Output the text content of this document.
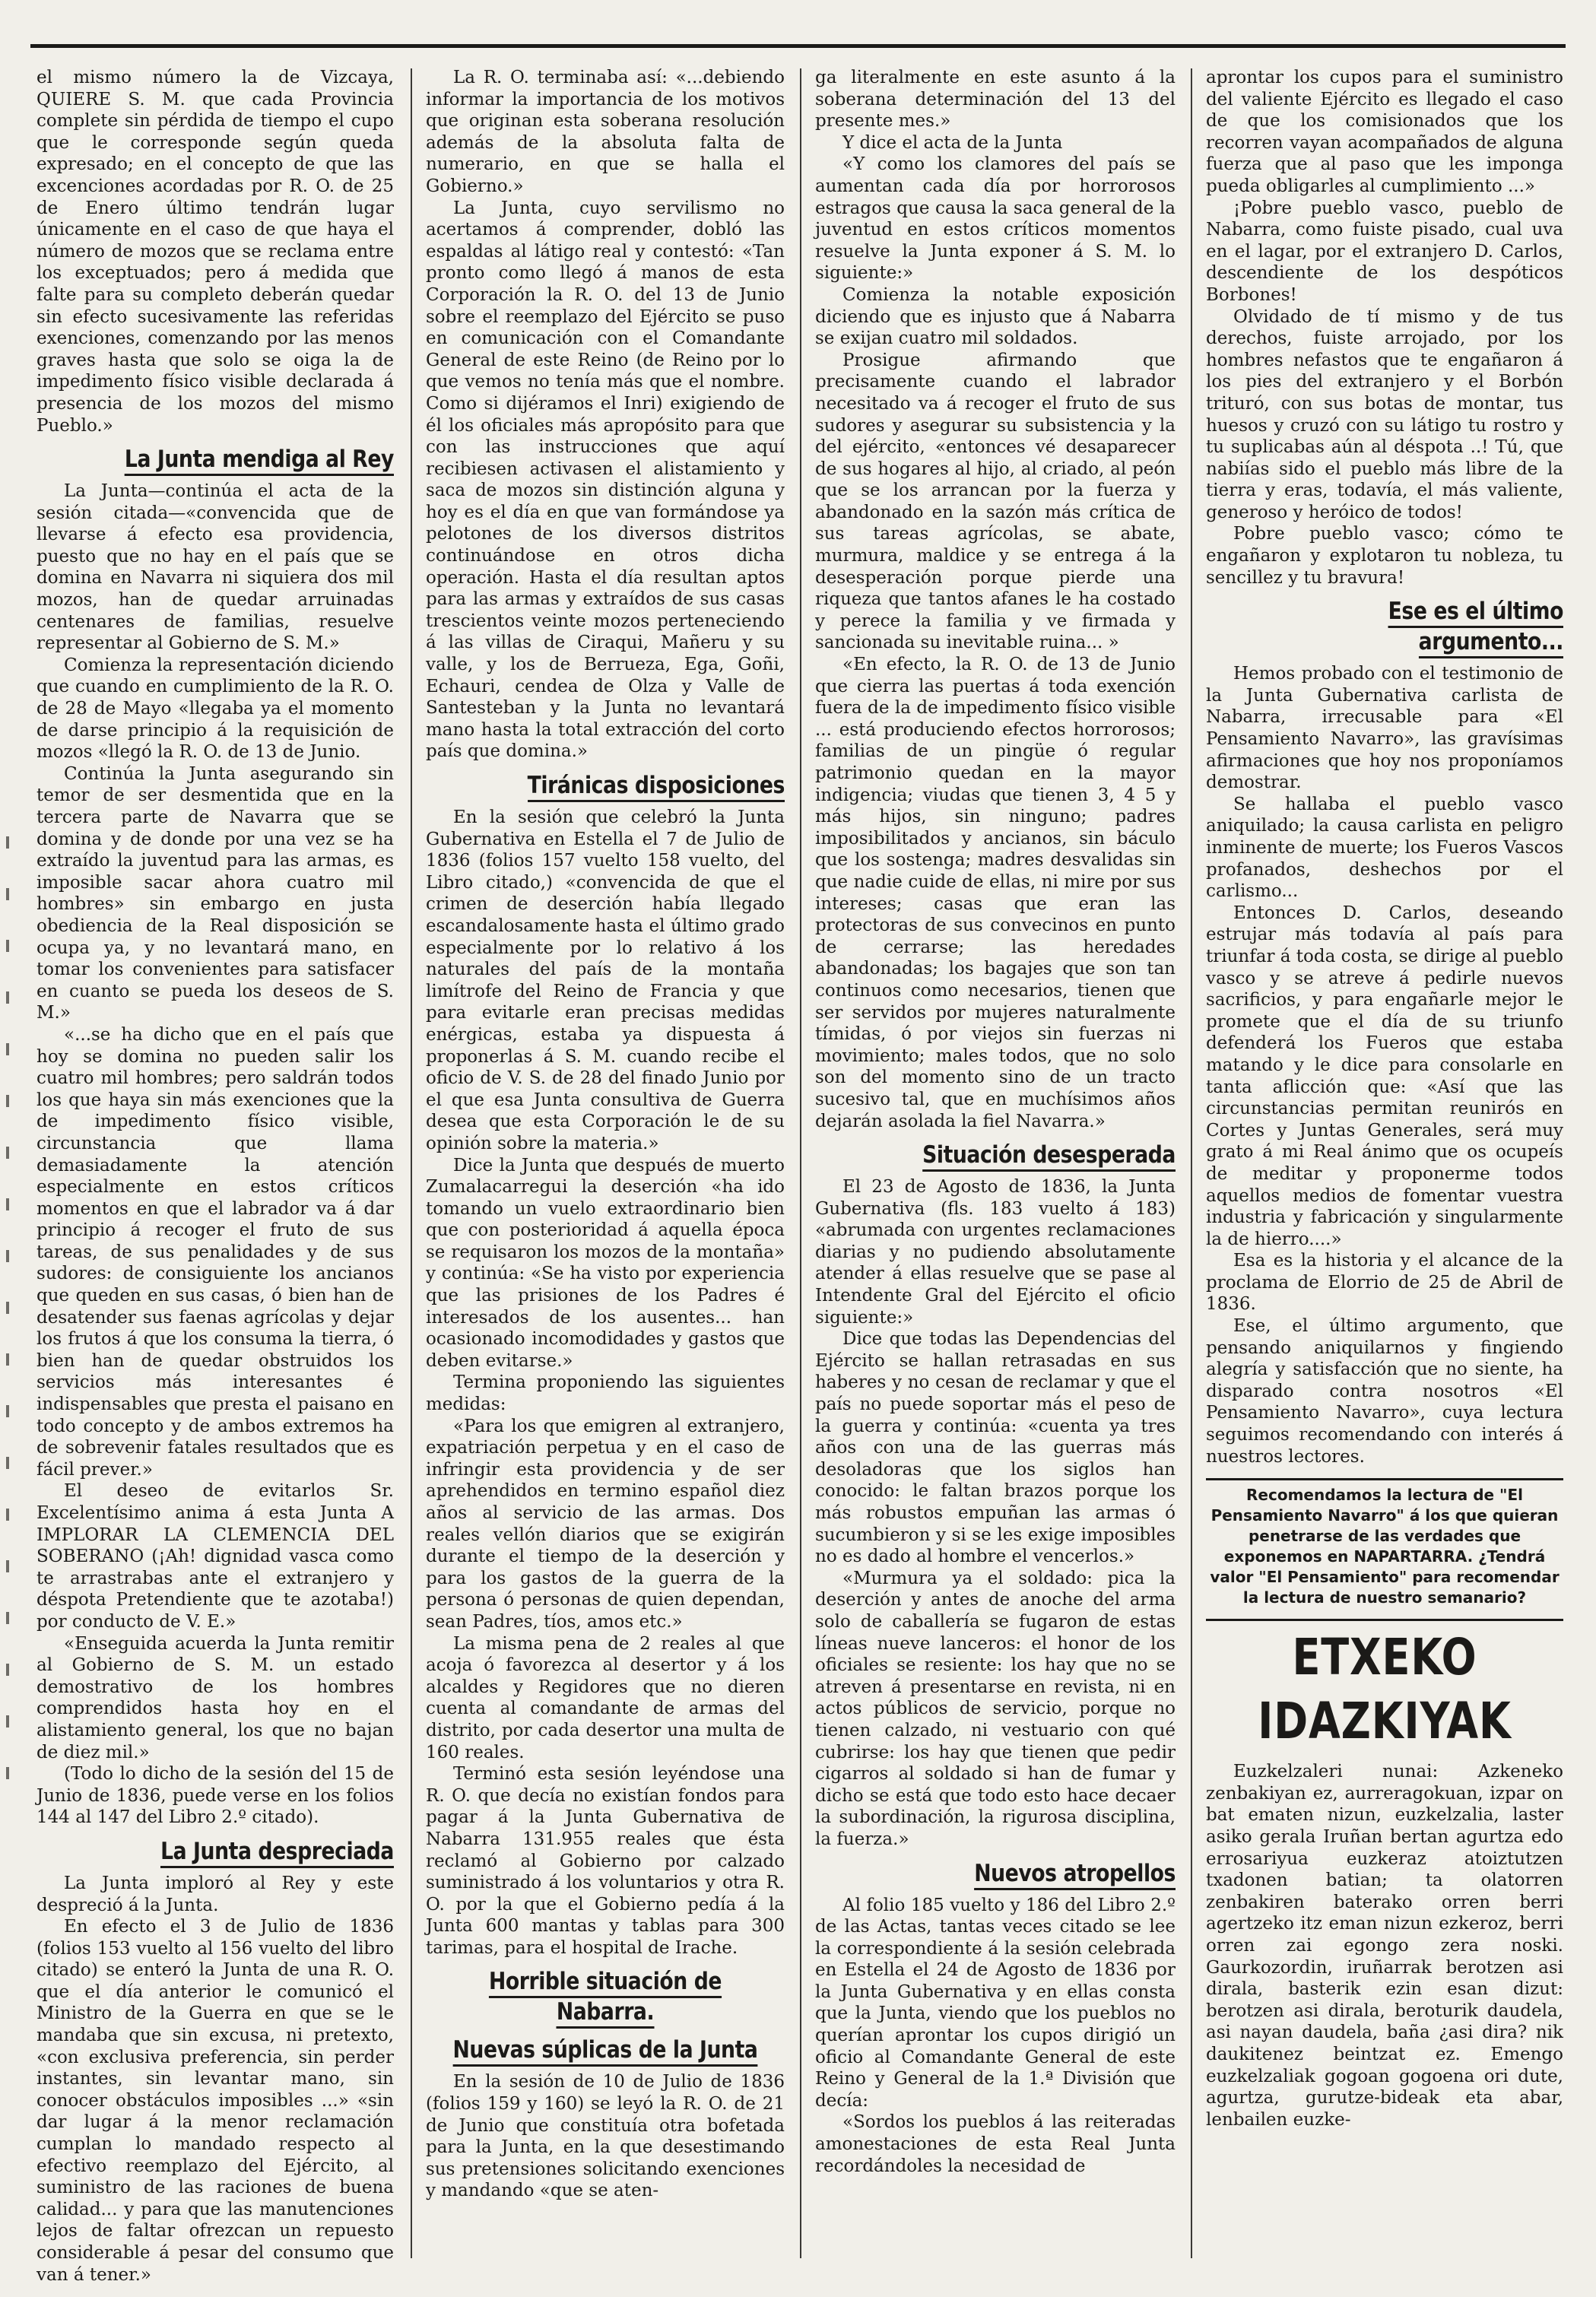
el mismo número la de Vizcaya, QUIERE S. M. que cada Provincia complete sin pérdida de tiempo el cupo que le corresponde según queda expresado; en el concepto de que las excenciones acordadas por R. O. de 25 de Enero último tendrán lugar únicamente en el caso de que haya el número de mozos que se reclama entre los exceptuados; pero á medida que falte para su completo deberán quedar sin efecto sucesivamente las referidas exenciones, comenzando por las menos graves hasta que solo se oiga la de impedimento físico visible declarada á presencia de los mozos del mismo Pueblo.»

La Junta mendiga al Rey

La Junta—continúa el acta de la sesión citada—«convencida que de llevarse á efecto esa providencia, puesto que no hay en el país que se domina en Navarra ni siquiera dos mil mozos, han de quedar arruinadas centenares de familias, resuelve representar al Gobierno de S. M.»

Comienza la representación diciendo que cuando en cumplimiento de la R. O. de 28 de Mayo «llegaba ya el momento de darse principio á la requisición de mozos «llegó la R. O. de 13 de Junio.

Continúa la Junta asegurando sin temor de ser desmentida que en la tercera parte de Navarra que se domina y de donde por una vez se ha extraído la juventud para las armas, es imposible sacar ahora cuatro mil hombres» sin embargo en justa obediencia de la Real disposición se ocupa ya, y no levantará mano, en tomar los convenientes para satisfacer en cuanto se pueda los deseos de S. M.»

«...se ha dicho que en el país que hoy se domina no pueden salir los cuatro mil hombres; pero saldrán todos los que haya sin más exenciones que la de impedimento físico visible, circunstancia que llama demasiadamente la atención especialmente en estos críticos momentos en que el labrador va á dar principio á recoger el fruto de sus tareas, de sus penalidades y de sus sudores: de consiguiente los ancianos que queden en sus casas, ó bien han de desatender sus faenas agrícolas y dejar los frutos á que los consuma la tierra, ó bien han de quedar obstruidos los servicios más interesantes é indispensables que presta el paisano en todo concepto y de ambos extremos ha de sobrevenir fatales resultados que es fácil prever.»

El deseo de evitarlos Sr. Excelentísimo anima á esta Junta A IMPLORAR LA CLEMENCIA DEL SOBERANO (¡Ah! dignidad vasca como te arrastrabas ante el extranjero y déspota Pretendiente que te azotaba!) por conducto de V. E.»

«Enseguida acuerda la Junta remitir al Gobierno de S. M. un estado demostrativo de los hombres comprendidos hasta hoy en el alistamiento general, los que no bajan de diez mil.»

(Todo lo dicho de la sesión del 15 de Junio de 1836, puede verse en los folios 144 al 147 del Libro 2.º citado).

La Junta despreciada

La Junta imploró al Rey y este despreció á la Junta.

En efecto el 3 de Julio de 1836 (folios 153 vuelto al 156 vuelto del libro citado) se enteró la Junta de una R. O. que el día anterior le comunicó el Ministro de la Guerra en que se le mandaba que sin excusa, ni pretexto, «con exclusiva preferencia, sin perder instantes, sin levantar mano, sin conocer obstáculos imposibles ...» «sin dar lugar á la menor reclamación cumplan lo mandado respecto al efectivo reemplazo del Ejército, al suministro de las raciones de buena calidad... y para que las manutenciones lejos de faltar ofrezcan un repuesto considerable á pesar del consumo que van á tener.»

La R. O. terminaba así: «...debiendo informar la importancia de los motivos que originan esta soberana resolución además de la absoluta falta de numerario, en que se halla el Gobierno.»

La Junta, cuyo servilismo no acertamos á comprender, dobló las espaldas al látigo real y contestó: «Tan pronto como llegó á manos de esta Corporación la R. O. del 13 de Junio sobre el reemplazo del Ejército se puso en comunicación con el Comandante General de este Reino (de Reino por lo que vemos no tenía más que el nombre. Como si dijéramos el Inri) exigiendo de él los oficiales más apropósito para que con las instrucciones que aquí recibiesen activasen el alistamiento y saca de mozos sin distinción alguna y hoy es el día en que van formándose ya pelotones de los diversos distritos continuándose en otros dicha operación. Hasta el día resultan aptos para las armas y extraídos de sus casas trescientos veinte mozos perteneciendo á las villas de Ciraqui, Mañeru y su valle, y los de Berrueza, Ega, Goñi, Echauri, cendea de Olza y Valle de Santesteban y la Junta no levantará mano hasta la total extracción del corto país que domina.»

Tiránicas disposiciones

En la sesión que celebró la Junta Gubernativa en Estella el 7 de Julio de 1836 (folios 157 vuelto 158 vuelto, del Libro citado,) «convencida de que el crimen de deserción había llegado escandalosamente hasta el último grado especialmente por lo relativo á los naturales del país de la montaña limítrofe del Reino de Francia y que para evitarle eran precisas medidas enérgicas, estaba ya dispuesta á proponerlas á S. M. cuando recibe el oficio de V. S. de 28 del finado Junio por el que esa Junta consultiva de Guerra desea que esta Corporación le de su opinión sobre la materia.»

Dice la Junta que después de muerto Zumalacarregui la deserción «ha ido tomando un vuelo extraordinario bien que con posterioridad á aquella época se requisaron los mozos de la montaña» y continúa: «Se ha visto por experiencia que las prisiones de los Padres é interesados de los ausentes... han ocasionado incomodidades y gastos que deben evitarse.»

Termina proponiendo las siguientes medidas:

«Para los que emigren al extranjero, expatriación perpetua y en el caso de infringir esta providencia y de ser aprehendidos en termino español diez años al servicio de las armas. Dos reales vellón diarios que se exigirán durante el tiempo de la deserción y para los gastos de la guerra de la persona ó personas de quien dependan, sean Padres, tíos, amos etc.»

La misma pena de 2 reales al que acoja ó favorezca al desertor y á los alcaldes y Regidores que no dieren cuenta al comandante de armas del distrito, por cada desertor una multa de 160 reales.

Terminó esta sesión leyéndose una R. O. que decía no existían fondos para pagar á la Junta Gubernativa de Nabarra 131.955 reales que ésta reclamó al Gobierno por calzado suministrado á los voluntarios y otra R. O. por la que el Gobierno pedía á la Junta 600 mantas y tablas para 300 tarimas, para el hospital de Irache.

Horrible situación de Nabarra.
Nuevas súplicas de la Junta

En la sesión de 10 de Julio de 1836 (folios 159 y 160) se leyó la R. O. de 21 de Junio que constituía otra bofetada para la Junta, en la que desestimando sus pretensiones solicitando exenciones y mandando «que se aten-

ga literalmente en este asunto á la soberana determinación del 13 del presente mes.»

Y dice el acta de la Junta

«Y como los clamores del país se aumentan cada día por horrorosos estragos que causa la saca general de la juventud en estos críticos momentos resuelve la Junta exponer á S. M. lo siguiente:»

Comienza la notable exposición diciendo que es injusto que á Nabarra se exijan cuatro mil soldados.

Prosigue afirmando que precisamente cuando el labrador necesitado va á recoger el fruto de sus sudores y asegurar su subsistencia y la del ejército, «entonces vé desaparecer de sus hogares al hijo, al criado, al peón que se los arrancan por la fuerza y abandonado en la sazón más crítica de sus tareas agrícolas, se abate, murmura, maldice y se entrega á la desesperación porque pierde una riqueza que tantos afanes le ha costado y perece la familia y ve firmada y sancionada su inevitable ruina... »

«En efecto, la R. O. de 13 de Junio que cierra las puertas á toda exención fuera de la de impedimento físico visible ... está produciendo efectos horrorosos; familias de un pingüe ó regular patrimonio quedan en la mayor indigencia; viudas que tienen 3, 4 5 y más hijos, sin ninguno; padres imposibilitados y ancianos, sin báculo que los sostenga; madres desvalidas sin que nadie cuide de ellas, ni mire por sus intereses; casas que eran las protectoras de sus convecinos en punto de cerrarse; las heredades abandonadas; los bagajes que son tan continuos como necesarios, tienen que ser servidos por mujeres naturalmente tímidas, ó por viejos sin fuerzas ni movimiento; males todos, que no solo son del momento sino de un tracto sucesivo tal, que en muchísimos años dejarán asolada la fiel Navarra.»

Situación desesperada

El 23 de Agosto de 1836, la Junta Gubernativa (fls. 183 vuelto á 183) «abrumada con urgentes reclamaciones diarias y no pudiendo absolutamente atender á ellas resuelve que se pase al Intendente Gral del Ejército el oficio siguiente:»

Dice que todas las Dependencias del Ejército se hallan retrasadas en sus haberes y no cesan de reclamar y que el país no puede soportar más el peso de la guerra y continúa: «cuenta ya tres años con una de las guerras más desoladoras que los siglos han conocido: le faltan brazos porque los más robustos empuñan las armas ó sucumbieron y si se les exige imposibles no es dado al hombre el vencerlos.»

«Murmura ya el soldado: pica la deserción y antes de anoche del arma solo de caballería se fugaron de estas líneas nueve lanceros: el honor de los oficiales se resiente: los hay que no se atreven á presentarse en revista, ni en actos públicos de servicio, porque no tienen calzado, ni vestuario con qué cubrirse: los hay que tienen que pedir cigarros al soldado si han de fumar y dicho se está que todo esto hace decaer la subordinación, la rigurosa disciplina, la fuerza.»

Nuevos atropellos

Al folio 185 vuelto y 186 del Libro 2.º de las Actas, tantas veces citado se lee la correspondiente á la sesión celebrada en Estella el 24 de Agosto de 1836 por la Junta Gubernativa y en ellas consta que la Junta, viendo que los pueblos no querían aprontar los cupos dirigió un oficio al Comandante General de este Reino y General de la 1.ª División que decía:

«Sordos los pueblos á las reiteradas amonestaciones de esta Real Junta recordándoles la necesidad de

aprontar los cupos para el suministro del valiente Ejército es llegado el caso de que los comisionados que los recorren vayan acompañados de alguna fuerza que al paso que les imponga pueda obligarles al cumplimiento ...»

¡Pobre pueblo vasco, pueblo de Nabarra, como fuiste pisado, cual uva en el lagar, por el extranjero D. Carlos, descendiente de los despóticos Borbones!

Olvidado de tí mismo y de tus derechos, fuiste arrojado, por los hombres nefastos que te engañaron á los pies del extranjero y el Borbón trituró, con sus botas de montar, tus huesos y cruzó con su látigo tu rostro y tu suplicabas aún al déspota ..! Tú, que nabiías sido el pueblo más libre de la tierra y eras, todavía, el más valiente, generoso y heróico de todos!

Pobre pueblo vasco; cómo te engañaron y explotaron tu nobleza, tu sencillez y tu bravura!

Ese es el último argumento...

Hemos probado con el testimonio de la Junta Gubernativa carlista de Nabarra, irrecusable para «El Pensamiento Navarro», las gravísimas afirmaciones que hoy nos proponíamos demostrar.

Se hallaba el pueblo vasco aniquilado; la causa carlista en peligro inminente de muerte; los Fueros Vascos profanados, deshechos por el carlismo...

Entonces D. Carlos, deseando estrujar más todavía al país para triunfar á toda costa, se dirige al pueblo vasco y se atreve á pedirle nuevos sacrificios, y para engañarle mejor le promete que el día de su triunfo defenderá los Fueros que estaba matando y le dice para consolarle en tanta aflicción que: «Así que las circunstancias permitan reunirós en Cortes y Juntas Generales, será muy grato á mi Real ánimo que os ocupeís de meditar y proponerme todos aquellos medios de fomentar vuestra industria y fabricación y singularmente la de hierro....»

Esa es la historia y el alcance de la proclama de Elorrio de 25 de Abril de 1836.

Ese, el último argumento, que pensando aniquilarnos y fingiendo alegría y satisfacción que no siente, ha disparado contra nosotros «El Pensamiento Navarro», cuya lectura seguimos recomendando con interés á nuestros lectores.

Recomendamos la lectura de "El Pensamiento Navarro" á los que quieran penetrarse de las verdades que exponemos en NAPARTARRA. ¿Tendrá valor "El Pensamiento" para recomendar la lectura de nuestro semanario?
ETXEKO IDAZKIYAK

Euzkelzaleri nunai: Azkeneko zenbakiyan ez, aurreragokuan, izpar on bat ematen nizun, euzkelzalia, laster asiko gerala Iruñan bertan agurtza edo errosariyua euzkeraz atoiztutzen txadonen batian; ta olatorren zenbakiren baterako orren berri agertzeko itz eman nizun ezkeroz, berri orren zai egongo zera noski. Gaurkozordin, iruñarrak berotzen asi dirala, basterik ezin esan dizut: berotzen asi dirala, beroturik daudela, asi nayan daudela, baña ¿asi dira? nik daukitenez beintzat ez. Emengo euzkelzaliak gogoan gogoena ori dute, agurtza, gurutze-bideak eta abar, lenbailen euzke-
